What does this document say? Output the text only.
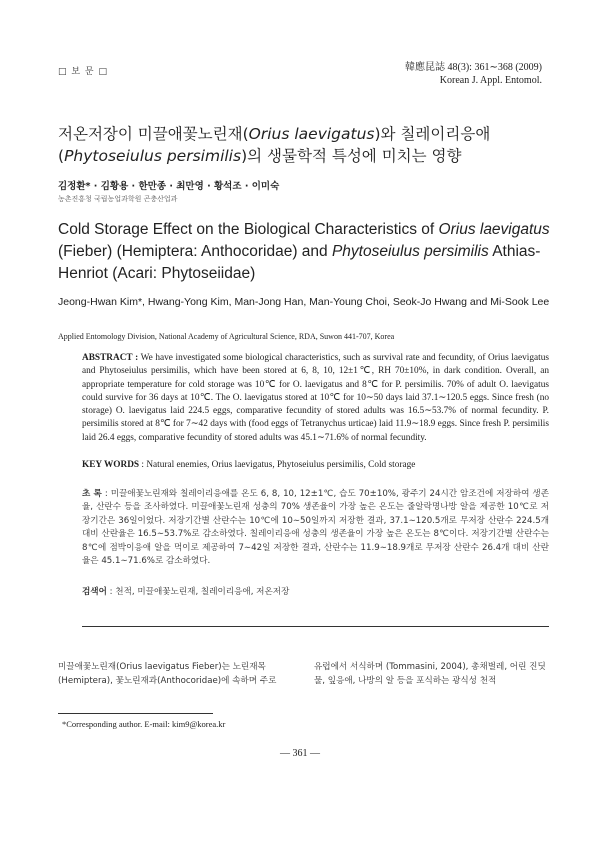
□ 보 문 □	韓應昆誌 48(3): 361∼368 (2009)
Korean J. Appl. Entomol.
저온저장이 미끌애꽃노린재(Orius laevigatus)와 칠레이리응애(Phytoseiulus persimilis)의 생물학적 특성에 미치는 영향
김정환* · 김황용 · 한만종 · 최만영 · 황석조 · 이미숙
농촌진흥청 국립농업과학원 곤충산업과
Cold Storage Effect on the Biological Characteristics of Orius laevigatus (Fieber) (Hemiptera: Anthocoridae) and Phytoseiulus persimilis Athias-Henriot (Acari: Phytoseiidae)
Jeong-Hwan Kim*, Hwang-Yong Kim, Man-Jong Han, Man-Young Choi, Seok-Jo Hwang and Mi-Sook Lee
Applied Entomology Division, National Academy of Agricultural Science, RDA, Suwon 441-707, Korea
ABSTRACT : We have investigated some biological characteristics, such as survival rate and fecundity, of Orius laevigatus and Phytoseiulus persimilis, which have been stored at 6, 8, 10, 12±1℃, RH 70±10%, in dark condition. Overall, an appropriate temperature for cold storage was 10℃ for O. laevigatus and 8℃ for P. persimilis. 70% of adult O. laevigatus could survive for 36 days at 10℃. The O. laevigatus stored at 10℃ for 10∼50 days laid 37.1∼120.5 eggs. Since fresh (no storage) O. laevigatus laid 224.5 eggs, comparative fecundity of stored adults was 16.5∼53.7% of normal fecundity. P. persimilis stored at 8℃ for 7∼42 days with (food eggs of Tetranychus urticae) laid 11.9∼18.9 eggs. Since fresh P. persimilis laid 26.4 eggs, comparative fecundity of stored adults was 45.1∼71.6% of normal fecundity.
KEY WORDS : Natural enemies, Orius laevigatus, Phytoseiulus persimilis, Cold storage
초 록 : 미끌애꽃노린재와 칠레이리응애를 온도 6, 8, 10, 12±1℃, 습도 70±10%, 광주기 24시간 암조건에 저장하여 생존율, 산란수 등을 조사하였다. 미끌애꽃노린재 성충의 70% 생존율이 가장 높은 온도는 줄알락명나방 알을 제공한 10℃로 저장기간은 36일이었다. 저장기간별 산란수는 10℃에 10∼50일까지 저장한 결과, 37.1∼120.5개로 무저장 산란수 224.5개 대비 산란율은 16.5∼53.7%로 감소하였다. 칠레이리응애 성충의 생존율이 가장 높은 온도는 8℃이다. 저장기간별 산란수는 8℃에 점박이응애 알을 먹이로 제공하여 7∼42일 저장한 결과, 산란수는 11.9∼18.9개로 무저장 산란수 26.4개 대비 산란율은 45.1∼71.6%로 감소하였다.
검색어 : 천적, 미끌애꽃노린재, 칠레이리응애, 저온저장
미끌애꽃노린재(Orius laevigatus Fieber)는 노린재목 (Hemiptera), 꽃노린재과(Anthocoridae)에 속하며 주로
유럽에서 서식하며 (Tommasini, 2004), 총채벌레, 어린 진딧물, 잎응애, 나방의 알 등을 포식하는 광식성 천적
*Corresponding author. E-mail: kim9@korea.kr
— 361 —
